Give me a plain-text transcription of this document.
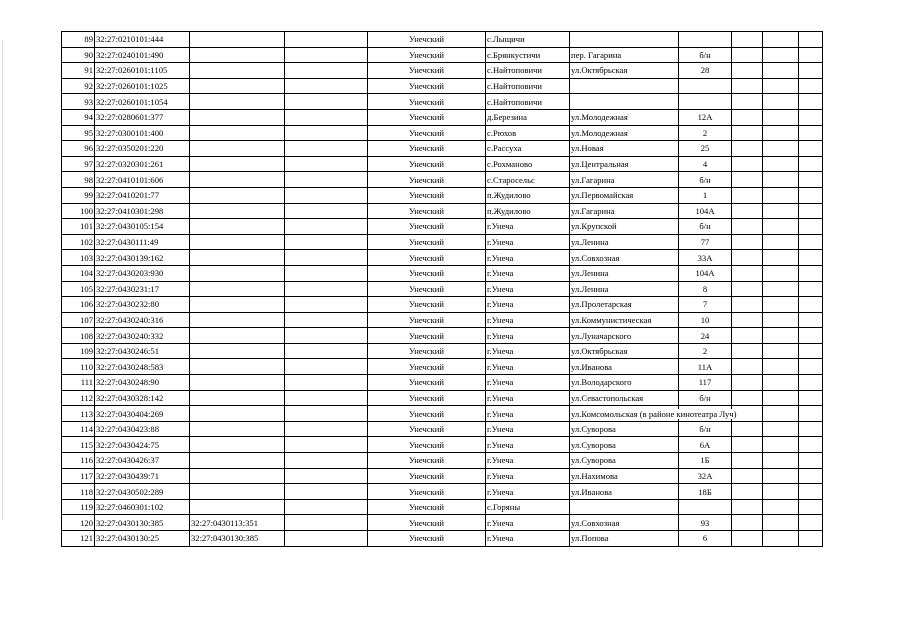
89	32:27:0210101:444			Унечский	с.Лыщичи					
90	32:27:0240101:490			Унечский	с.Брянкустичи	пер. Гагарина	б/н			
91	32:27:0260101:1105			Унечский	с.Найтоповичи	ул.Октябрьская	28			
92	32:27:0260101:1025			Унечский	с.Найтоповичи					
93	32:27:0260101:1054			Унечский	с.Найтоповичи					
94	32:27:0280601:377			Унечский	д.Березина	ул.Молодежная	12А			
95	32:27:0300101:400			Унечский	с.Рюхов	ул.Молодежная	2			
96	32:27:0350201:220			Унечский	с.Рассуха	ул.Новая	25			
97	32:27:0320301:261			Унечский	с.Рохманово	ул.Центральная	4			
98	32:27:0410101:606			Унечский	с.Старосельс	ул.Гагарина	б/н			
99	32:27:0410201:77			Унечский	п.Жудилово	ул.Первомайская	1			
100	32:27:0410301:298			Унечский	п.Жудилово	ул.Гагарина	104А			
101	32:27:0430105:154			Унечский	г.Унеча	ул.Крупской	б/н			
102	32:27:0430111:49			Унечский	г.Унеча	ул.Ленина	77			
103	32:27:0430139:162			Унечский	г.Унеча	ул.Совхозная	33А			
104	32:27:0430203:930			Унечский	г.Унеча	ул.Ленина	104А			
105	32:27:0430231:17			Унечский	г.Унеча	ул.Ленина	8			
106	32:27:0430232:80			Унечский	г.Унеча	ул.Пролетарская	7			
107	32:27:0430240:316			Унечский	г.Унеча	ул.Коммунистическая	10			
108	32:27:0430240:332			Унечский	г.Унеча	ул.Луначарского	24			
109	32:27:0430246:51			Унечский	г.Унеча	ул.Октябрьская	2			
110	32:27:0430248:583			Унечский	г.Унеча	ул.Иванова	11А			
111	32:27:0430248:90			Унечский	г.Унеча	ул.Володарского	117			
112	32:27:0430328:142			Унечский	г.Унеча	ул.Севастопольская	б/н			
113	32:27:0430404:269			Унечский	г.Унеча	ул.Комсомольская (в районе кинотеатра Луч)				
114	32:27:0430423:88			Унечский	г.Унеча	ул.Суворова	б/н			
115	32:27:0430424:75			Унечский	г.Унеча	ул.Суворова	6А			
116	32:27:0430426:37			Унечский	г.Унеча	ул.Суворова	1Б			
117	32:27:0430439:71			Унечский	г.Унеча	ул.Нахимова	32А			
118	32:27:0430502:289			Унечский	г.Унеча	ул.Иванова	18Б			
119	32:27:0460301:102			Унечский	с.Горяны					
120	32:27:0430130:385	32:27:0430113:351		Унечский	г.Унеча	ул.Совхозная	93			
121	32:27:0430130:25	32:27:0430130:385		Унечский	г.Унеча	ул.Попова	6			
